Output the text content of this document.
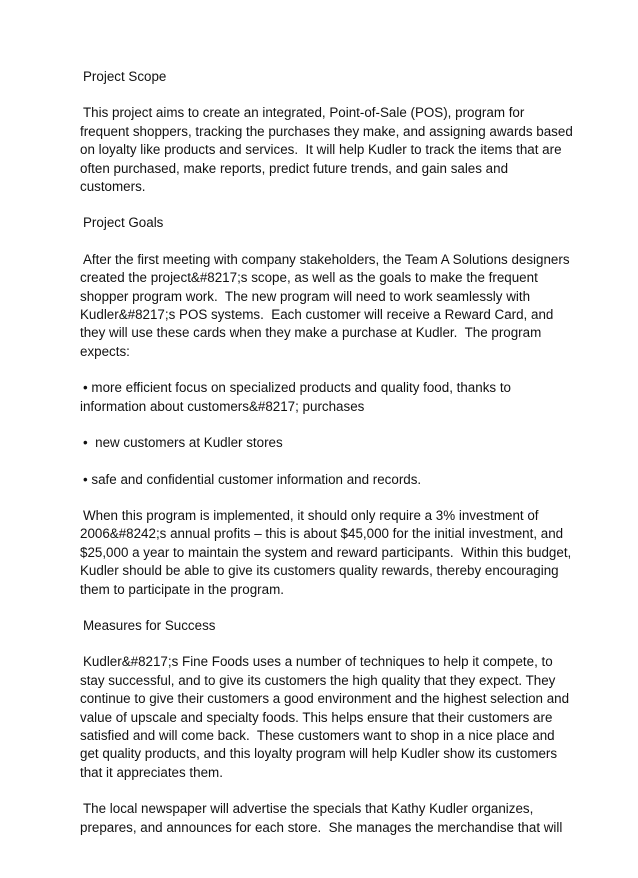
Project Scope

This project aims to create an integrated, Point-of-Sale (POS), program for frequent shoppers, tracking the purchases they make, and assigning awards based on loyalty like products and services.  It will help Kudler to track the items that are often purchased, make reports, predict future trends, and gain sales and customers.

Project Goals

After the first meeting with company stakeholders, the Team A Solutions designers created the project&#8217;s scope, as well as the goals to make the frequent shopper program work.  The new program will need to work seamlessly with Kudler&#8217;s POS systems.  Each customer will receive a Reward Card, and they will use these cards when they make a purchase at Kudler.  The program expects:

• more efficient focus on specialized products and quality food, thanks to information about customers&#8217; purchases

•  new customers at Kudler stores

• safe and confidential customer information and records.

When this program is implemented, it should only require a 3% investment of 2006&#8242;s annual profits – this is about $45,000 for the initial investment, and $25,000 a year to maintain the system and reward participants.  Within this budget, Kudler should be able to give its customers quality rewards, thereby encouraging them to participate in the program.

Measures for Success

Kudler&#8217;s Fine Foods uses a number of techniques to help it compete, to stay successful, and to give its customers the high quality that they expect. They continue to give their customers a good environment and the highest selection and value of upscale and specialty foods. This helps ensure that their customers are satisfied and will come back.  These customers want to shop in a nice place and get quality products, and this loyalty program will help Kudler show its customers that it appreciates them.

The local newspaper will advertise the specials that Kathy Kudler organizes, prepares, and announces for each store.  She manages the merchandise that will
